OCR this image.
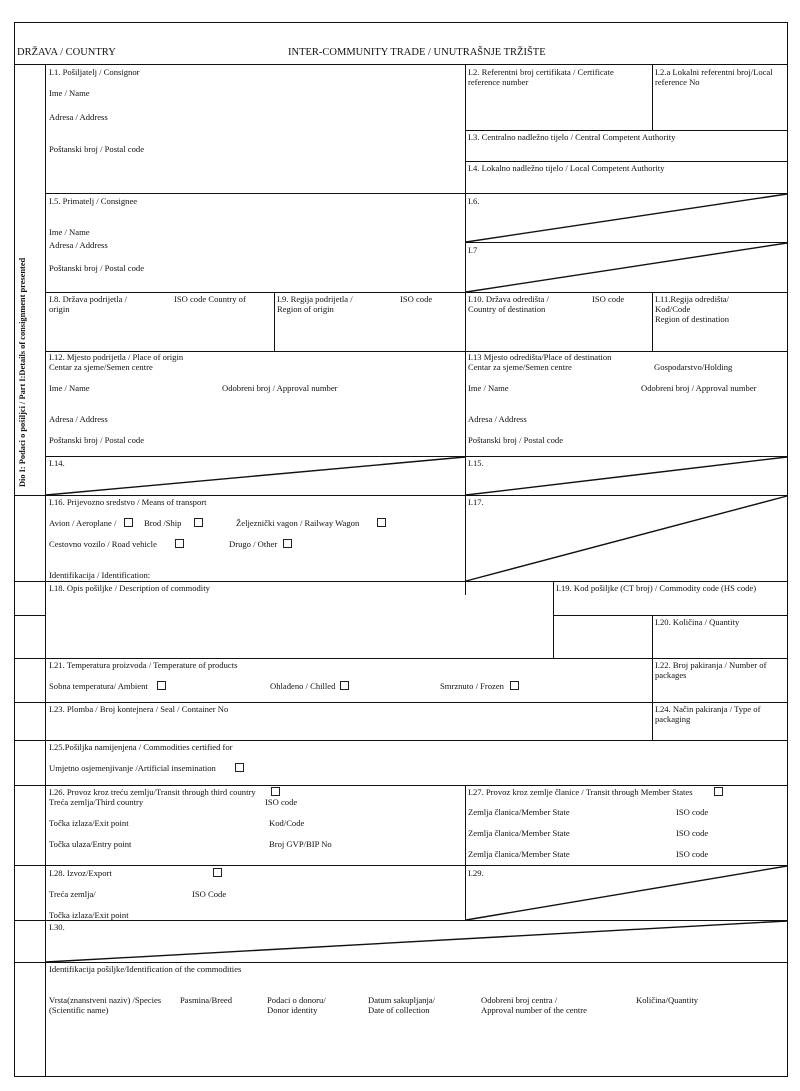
DRŽAVA / COUNTRY	INTER-COMMUNITY TRADE / UNUTRAŠNJE TRŽIŠTE
Dio I: Podaci o pošiljci / Part I:Details of consignment presented
I.1. Pošiljatelj / Consignor
Ime / Name
Adresa / Address
Poštanski broj / Postal code
I.2. Referentni broj certifikata / Certificate
reference number
I.2.a Lokalni referentni broj/Local
reference No
I.3. Centralno nadležno tijelo / Central Competent Authority
I.4. Lokalno nadležno tijelo / Local Competent Authority
I.5. Primatelj / Consignee
Ime / Name
Adresa / Address
Poštanski broj / Postal code
I.6.
I.7
I.8. Država podrijetla /	ISO code Country of
origin
I.9. Regija podrijetla /	ISO code
Region of origin
I.10. Država odredišta /	ISO code
Country of destination
I.11.Regija odredišta/
Kod/Code
Region of destination
I.12. Mjesto podrijetla / Place of origin
Centar za sjeme/Semen centre
Ime / Name	Odobreni broj / Approval number
Adresa / Address
Poštanski broj / Postal code
I.13 Mjesto odredišta/Place of destination
Centar za sjeme/Semen centre	Gospodarstvo/Holding
Ime / Name	Odobreni broj / Approval number
Adresa / Address
Poštanski broj / Postal code
I.14.	I.15.
I.16. Prijevozno sredstvo / Means of transport
Avion / Aeroplane /	Brod /Ship	Željeznički vagon / Railway Wagon
Cestovno vozilo / Road vehicle	Drugo / Other
Identifikacija / Identification:
I.17.
I.18. Opis pošiljke / Description of commodity	I.19. Kod pošiljke (CT broj) / Commodity code (HS code)
I.20. Količina / Quantity
I.21. Temperatura proizvoda / Temperature of products
Sobna temperatura/ Ambient	Ohlađeno / Chilled	Smrznuto / Frozen
I.22. Broj pakiranja / Number of
packages
I.23. Plomba / Broj kontejnera / Seal / Container No	I.24. Način pakiranja / Type of
packaging
I.25.Pošiljka namijenjena / Commodities certified for
Umjetno osjemenjivanje /Artificial insemination
I.26. Provoz kroz treću zemlju/Transit through third country
Treća zemlja/Third country	ISO code
Točka izlaza/Exit point	Kod/Code
Točka ulaza/Entry point	Broj GVP/BIP No
I.27. Provoz kroz zemlje članice / Transit through Member States
Zemlja članica/Member State	ISO code
Zemlja članica/Member State	ISO code
Zemlja članica/Member State	ISO code
I.28. Izvoz/Export
Treća zemlja/	ISO Code
Točka izlaza/Exit point
I.29.
I.30.
Identifikacija pošiljke/Identification of the commodities
Vrsta(znanstveni naziv) /Species
(Scientific name)
Pasmina/Breed	Podaci o donoru/
Donor identity
Datum sakupljanja/
Date of collection
Odobreni broj centra /
Approval number of the centre
Količina/Quantity
